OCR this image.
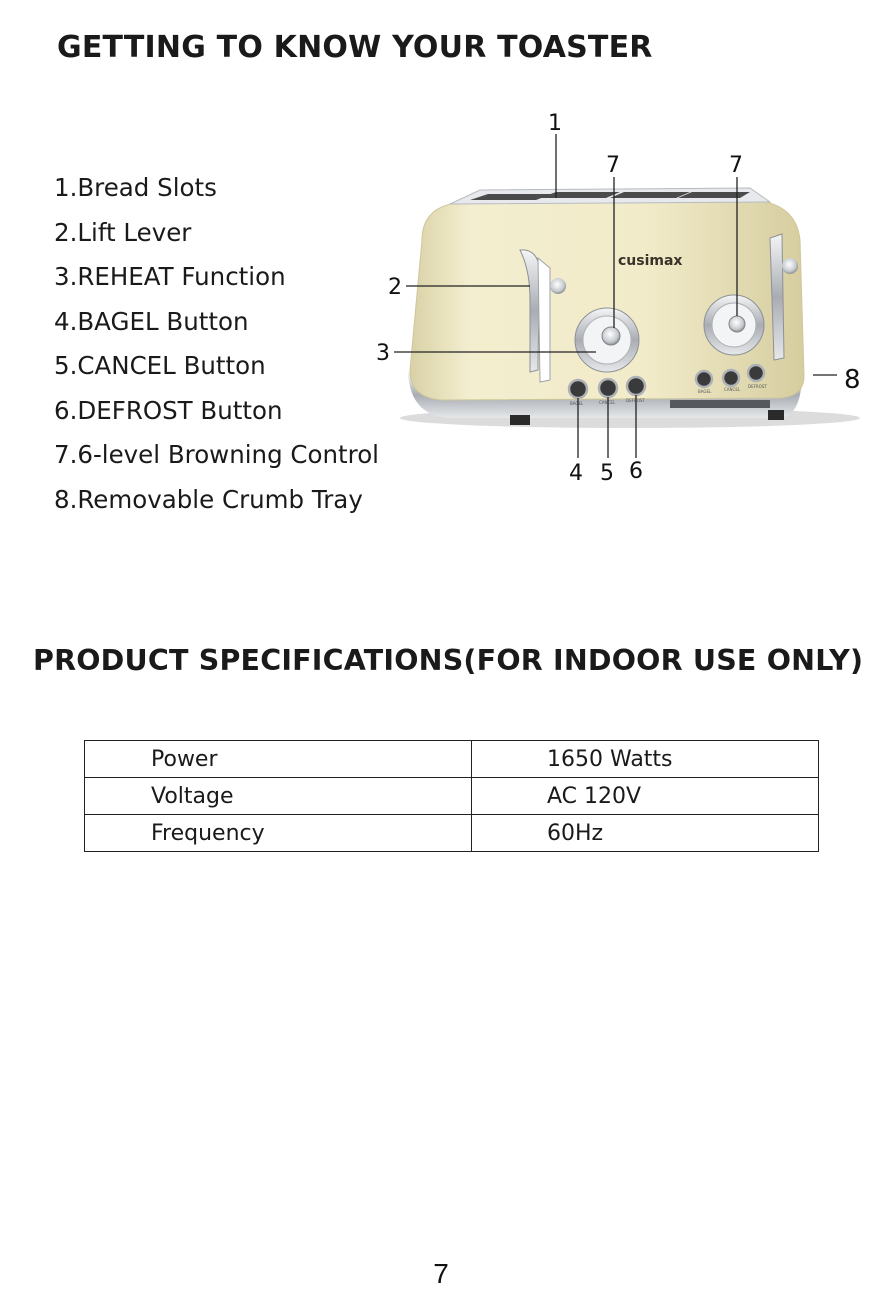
GETTING TO KNOW YOUR TOASTER
1.Bread Slots
2.Lift Lever
3.REHEAT Function
4.BAGEL Button
5.CANCEL Button
6.DEFROST Button
7.6-level Browning Control
8.Removable Crumb Tray
cusimax
BAGEL	CANCEL	DEFROST
BAGEL	CANCEL
DEFROST
1
7	7
2
3
4 5 6
8
PRODUCT SPECIFICATIONS(FOR INDOOR USE ONLY)
Power	1650 Watts
Voltage	AC 120V
Frequency	60Hz
7
